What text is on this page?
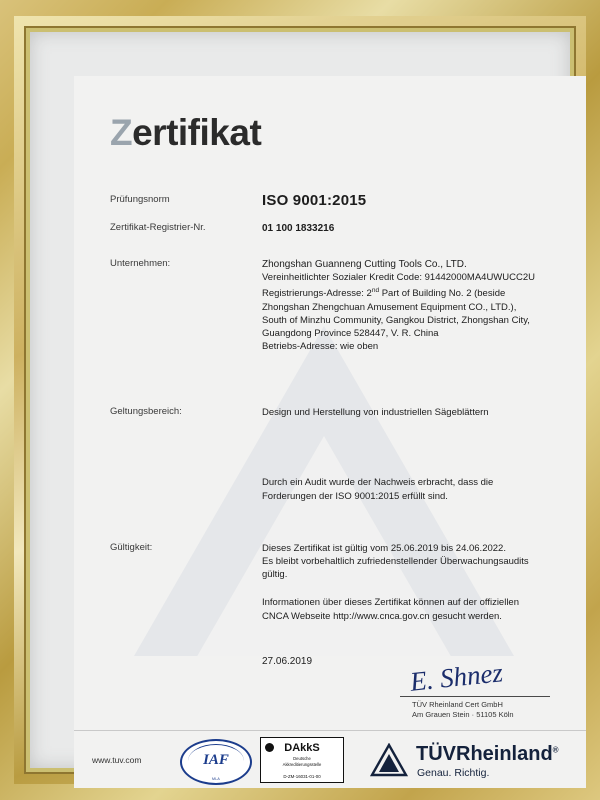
Zertifikat
Prüfungsnorm	ISO 9001:2015
Zertifikat-Registrier-Nr.	01 100 1833216
Unternehmen:	Zhongshan Guanneng Cutting Tools Co., LTD.
Vereinheitlichter Sozialer Kredit Code: 91442000MA4UWUCC2U
Registrierungs-Adresse: 2nd Part of Building No. 2 (beside
Zhongshan Zhengchuan Amusement Equipment CO., LTD.),
South of Minzhu Community, Gangkou District, Zhongshan City,
Guangdong Province 528447, V. R. China
Betriebs-Adresse: wie oben
Geltungsbereich:	Design und Herstellung von industriellen Sägeblättern
Durch ein Audit wurde der Nachweis erbracht, dass die
Forderungen der ISO 9001:2015 erfüllt sind.
Gültigkeit:	Dieses Zertifikat ist gültig vom 25.06.2019 bis 24.06.2022.
Es bleibt vorbehaltlich zufriedenstellender Überwachungsaudits
gültig.
Informationen über dieses Zertifikat können auf der offiziellen
CNCA Webseite http://www.cnca.gov.cn gesucht werden.
27.06.2019	E. Shnez
TÜV Rheinland Cert GmbH
Am Grauen Stein · 51105 Köln
www.tuv.com	IAF
MLA
DAkkS
Deutsche
Akkreditierungsstelle
D-ZM-16031-01-00
TÜVRheinland®
Genau. Richtig.
